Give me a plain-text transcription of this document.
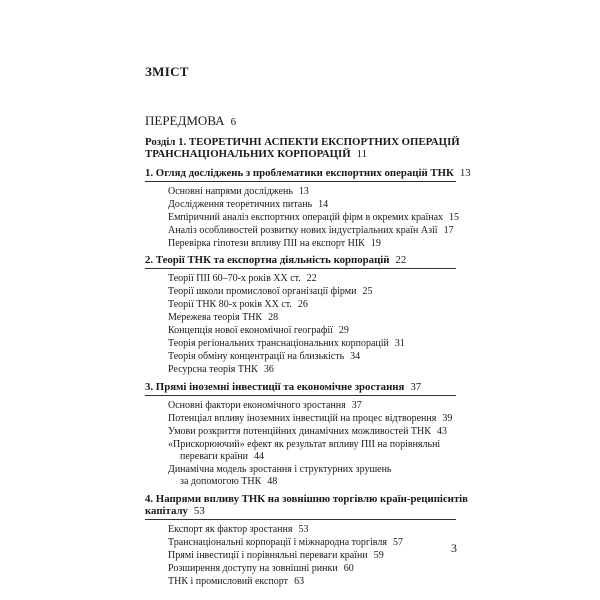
ЗМІСТ
ПЕРЕДМОВА 6
Розділ 1. ТЕОРЕТИЧНІ АСПЕКТИ ЕКСПОРТНИХ ОПЕРАЦІЙ
ТРАНСНАЦІОНАЛЬНИХ КОРПОРАЦІЙ 11
1. Огляд досліджень з проблематики експортних операцій ТНК 13
Основні напрями досліджень 13
Дослідження теоретичних питань 14
Емпіричний аналіз експортних операцій фірм в окремих країнах 15
Аналіз особливостей розвитку нових індустріальних країн Азії 17
Перевірка гіпотези впливу ПІІ на експорт НІК 19
2. Теорії ТНК та експортна діяльність корпорацій 22
Теорії ПІІ 60–70-х років XX ст. 22
Теорії школи промислової організації фірми 25
Теорії ТНК 80-х років XX ст. 26
Мережева теорія ТНК 28
Концепція нової економічної географії 29
Теорія регіональних транснаціональних корпорацій 31
Теорія обміну концентрації на близькість 34
Ресурсна теорія ТНК 36
3. Прямі іноземні інвестиції та економічне зростання 37
Основні фактори економічного зростання 37
Потенціал впливу іноземних інвестицій на процес відтворення 39
Умови розкриття потенційних динамічних можливостей ТНК 43
«Прискорюючий» ефект як результат впливу ПІІ на порівняльні
переваги країни 44
Динамічна модель зростання і структурних зрушень
за допомогою ТНК 48
4. Напрями впливу ТНК на зовнішню торгівлю країн-реципієнтів
капіталу 53
Експорт як фактор зростання 53
Транснаціональні корпорації і міжнародна торгівля 57
Прямі інвестиції і порівняльні переваги країни 59
Розширення доступу на зовнішні ринки 60
ТНК і промисловий експорт 63
3
